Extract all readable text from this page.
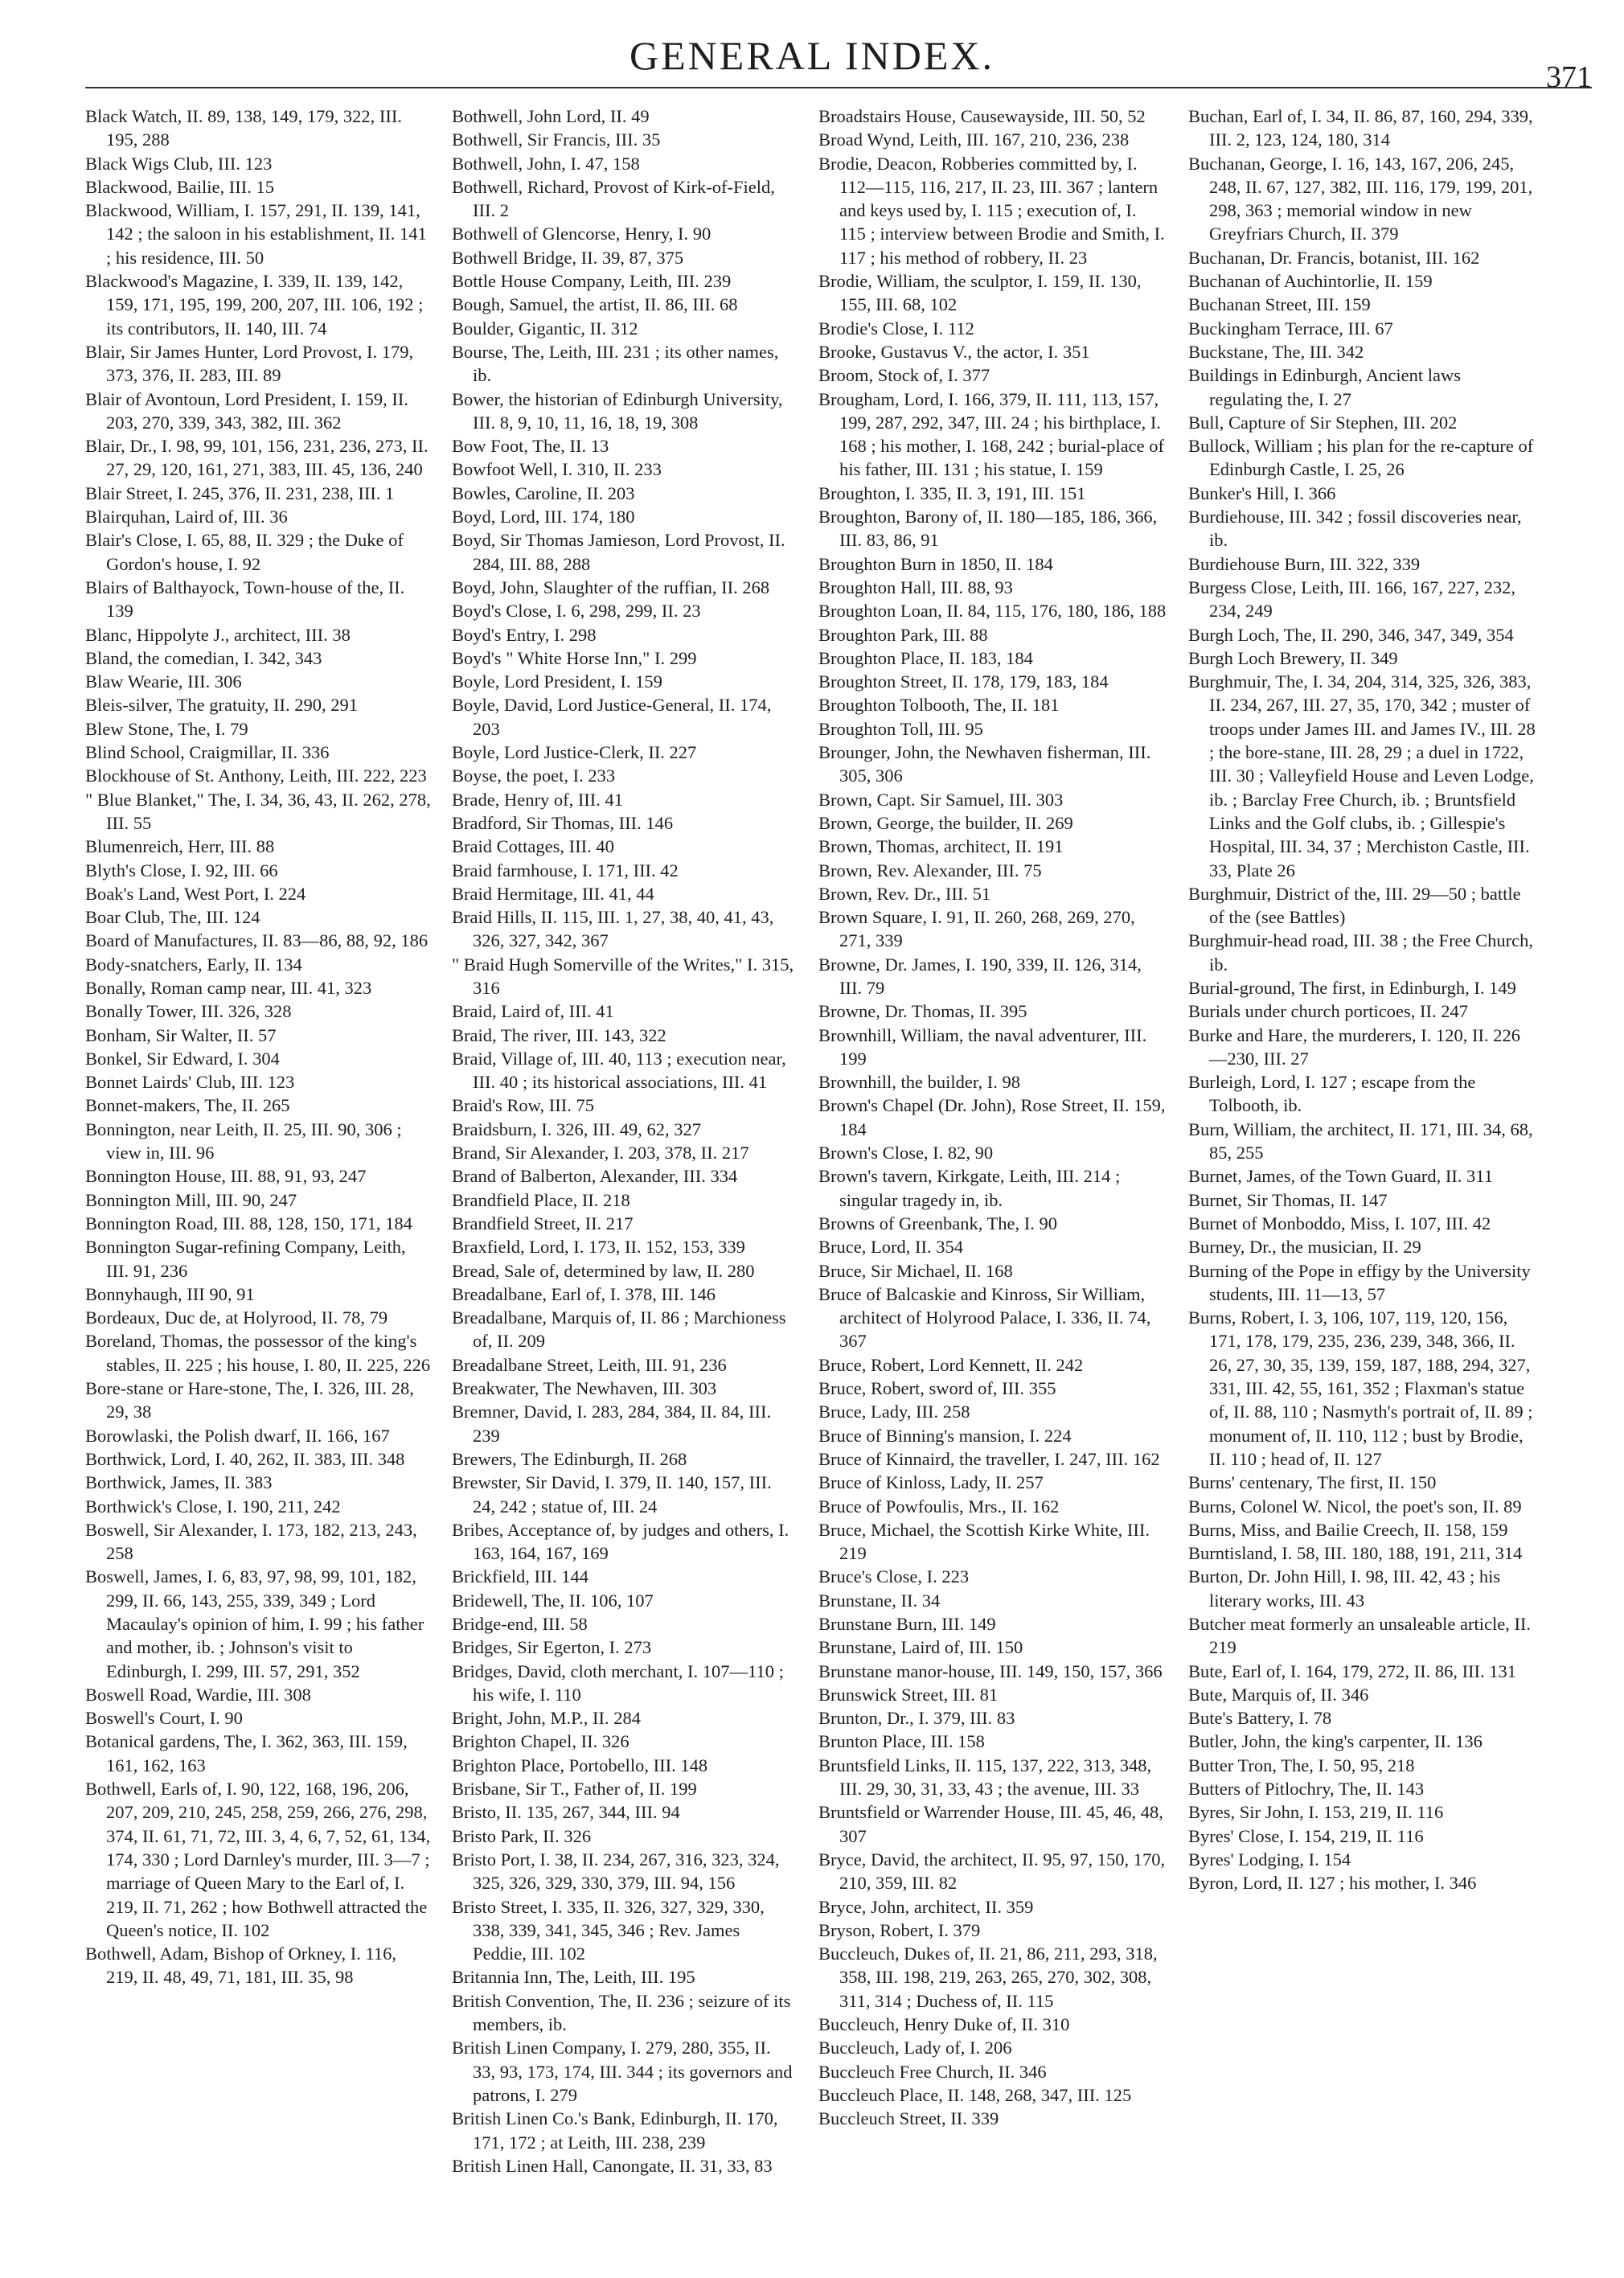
GENERAL INDEX.	371

Black Watch, II. 89, 138, 149, 179, 322, III. 195, 288

Black Wigs Club, III. 123

Blackwood, Bailie, III. 15

Blackwood, William, I. 157, 291, II. 139, 141, 142 ; the saloon in his establishment, II. 141 ; his residence, III. 50

Blackwood's Magazine, I. 339, II. 139, 142, 159, 171, 195, 199, 200, 207, III. 106, 192 ; its contributors, II. 140, III. 74

Blair, Sir James Hunter, Lord Provost, I. 179, 373, 376, II. 283, III. 89

Blair of Avontoun, Lord President, I. 159, II. 203, 270, 339, 343, 382, III. 362

Blair, Dr., I. 98, 99, 101, 156, 231, 236, 273, II. 27, 29, 120, 161, 271, 383, III. 45, 136, 240

Blair Street, I. 245, 376, II. 231, 238, III. 1

Blairquhan, Laird of, III. 36

Blair's Close, I. 65, 88, II. 329 ; the Duke of Gordon's house, I. 92

Blairs of Balthayock, Town-house of the, II. 139

Blanc, Hippolyte J., architect, III. 38

Bland, the comedian, I. 342, 343

Blaw Wearie, III. 306

Bleis-silver, The gratuity, II. 290, 291

Blew Stone, The, I. 79

Blind School, Craigmillar, II. 336

Blockhouse of St. Anthony, Leith, III. 222, 223

" Blue Blanket," The, I. 34, 36, 43, II. 262, 278, III. 55

Blumenreich, Herr, III. 88

Blyth's Close, I. 92, III. 66

Boak's Land, West Port, I. 224

Boar Club, The, III. 124

Board of Manufactures, II. 83—86, 88, 92, 186

Body-snatchers, Early, II. 134

Bonally, Roman camp near, III. 41, 323

Bonally Tower, III. 326, 328

Bonham, Sir Walter, II. 57

Bonkel, Sir Edward, I. 304

Bonnet Lairds' Club, III. 123

Bonnet-makers, The, II. 265

Bonnington, near Leith, II. 25, III. 90, 306 ; view in, III. 96

Bonnington House, III. 88, 91, 93, 247

Bonnington Mill, III. 90, 247

Bonnington Road, III. 88, 128, 150, 171, 184

Bonnington Sugar-refining Company, Leith, III. 91, 236

Bonnyhaugh, III 90, 91

Bordeaux, Duc de, at Holyrood, II. 78, 79

Boreland, Thomas, the possessor of the king's stables, II. 225 ; his house, I. 80, II. 225, 226

Bore-stane or Hare-stone, The, I. 326, III. 28, 29, 38

Borowlaski, the Polish dwarf, II. 166, 167

Borthwick, Lord, I. 40, 262, II. 383, III. 348

Borthwick, James, II. 383

Borthwick's Close, I. 190, 211, 242

Boswell, Sir Alexander, I. 173, 182, 213, 243, 258

Boswell, James, I. 6, 83, 97, 98, 99, 101, 182, 299, II. 66, 143, 255, 339, 349 ; Lord Macaulay's opinion of him, I. 99 ; his father and mother, ib. ; Johnson's visit to Edinburgh, I. 299, III. 57, 291, 352

Boswell Road, Wardie, III. 308

Boswell's Court, I. 90

Botanical gardens, The, I. 362, 363, III. 159, 161, 162, 163

Bothwell, Earls of, I. 90, 122, 168, 196, 206, 207, 209, 210, 245, 258, 259, 266, 276, 298, 374, II. 61, 71, 72, III. 3, 4, 6, 7, 52, 61, 134, 174, 330 ; Lord Darnley's murder, III. 3—7 ; marriage of Queen Mary to the Earl of, I. 219, II. 71, 262 ; how Bothwell attracted the Queen's notice, II. 102

Bothwell, Adam, Bishop of Orkney, I. 116, 219, II. 48, 49, 71, 181, III. 35, 98

Bothwell, John Lord, II. 49

Bothwell, Sir Francis, III. 35

Bothwell, John, I. 47, 158

Bothwell, Richard, Provost of Kirk-of-Field, III. 2

Bothwell of Glencorse, Henry, I. 90

Bothwell Bridge, II. 39, 87, 375

Bottle House Company, Leith, III. 239

Bough, Samuel, the artist, II. 86, III. 68

Boulder, Gigantic, II. 312

Bourse, The, Leith, III. 231 ; its other names, ib.

Bower, the historian of Edinburgh University, III. 8, 9, 10, 11, 16, 18, 19, 308

Bow Foot, The, II. 13

Bowfoot Well, I. 310, II. 233

Bowles, Caroline, II. 203

Boyd, Lord, III. 174, 180

Boyd, Sir Thomas Jamieson, Lord Provost, II. 284, III. 88, 288

Boyd, John, Slaughter of the ruffian, II. 268

Boyd's Close, I. 6, 298, 299, II. 23

Boyd's Entry, I. 298

Boyd's " White Horse Inn," I. 299

Boyle, Lord President, I. 159

Boyle, David, Lord Justice-General, II. 174, 203

Boyle, Lord Justice-Clerk, II. 227

Boyse, the poet, I. 233

Brade, Henry of, III. 41

Bradford, Sir Thomas, III. 146

Braid Cottages, III. 40

Braid farmhouse, I. 171, III. 42

Braid Hermitage, III. 41, 44

Braid Hills, II. 115, III. 1, 27, 38, 40, 41, 43, 326, 327, 342, 367

" Braid Hugh Somerville of the Writes," I. 315, 316

Braid, Laird of, III. 41

Braid, The river, III. 143, 322

Braid, Village of, III. 40, 113 ; execution near, III. 40 ; its historical associations, III. 41

Braid's Row, III. 75

Braidsburn, I. 326, III. 49, 62, 327

Brand, Sir Alexander, I. 203, 378, II. 217

Brand of Balberton, Alexander, III. 334

Brandfield Place, II. 218

Brandfield Street, II. 217

Braxfield, Lord, I. 173, II. 152, 153, 339

Bread, Sale of, determined by law, II. 280

Breadalbane, Earl of, I. 378, III. 146

Breadalbane, Marquis of, II. 86 ; Marchioness of, II. 209

Breadalbane Street, Leith, III. 91, 236

Breakwater, The Newhaven, III. 303

Bremner, David, I. 283, 284, 384, II. 84, III. 239

Brewers, The Edinburgh, II. 268

Brewster, Sir David, I. 379, II. 140, 157, III. 24, 242 ; statue of, III. 24

Bribes, Acceptance of, by judges and others, I. 163, 164, 167, 169

Brickfield, III. 144

Bridewell, The, II. 106, 107

Bridge-end, III. 58

Bridges, Sir Egerton, I. 273

Bridges, David, cloth merchant, I. 107—110 ; his wife, I. 110

Bright, John, M.P., II. 284

Brighton Chapel, II. 326

Brighton Place, Portobello, III. 148

Brisbane, Sir T., Father of, II. 199

Bristo, II. 135, 267, 344, III. 94

Bristo Park, II. 326

Bristo Port, I. 38, II. 234, 267, 316, 323, 324, 325, 326, 329, 330, 379, III. 94, 156

Bristo Street, I. 335, II. 326, 327, 329, 330, 338, 339, 341, 345, 346 ; Rev. James Peddie, III. 102

Britannia Inn, The, Leith, III. 195

British Convention, The, II. 236 ; seizure of its members, ib.

British Linen Company, I. 279, 280, 355, II. 33, 93, 173, 174, III. 344 ; its governors and patrons, I. 279

British Linen Co.'s Bank, Edinburgh, II. 170, 171, 172 ; at Leith, III. 238, 239

British Linen Hall, Canongate, II. 31, 33, 83

Broadstairs House, Causewayside, III. 50, 52

Broad Wynd, Leith, III. 167, 210, 236, 238

Brodie, Deacon, Robberies committed by, I. 112—115, 116, 217, II. 23, III. 367 ; lantern and keys used by, I. 115 ; execution of, I. 115 ; interview between Brodie and Smith, I. 117 ; his method of robbery, II. 23

Brodie, William, the sculptor, I. 159, II. 130, 155, III. 68, 102

Brodie's Close, I. 112

Brooke, Gustavus V., the actor, I. 351

Broom, Stock of, I. 377

Brougham, Lord, I. 166, 379, II. 111, 113, 157, 199, 287, 292, 347, III. 24 ; his birthplace, I. 168 ; his mother, I. 168, 242 ; burial-place of his father, III. 131 ; his statue, I. 159

Broughton, I. 335, II. 3, 191, III. 151

Broughton, Barony of, II. 180—185, 186, 366, III. 83, 86, 91

Broughton Burn in 1850, II. 184

Broughton Hall, III. 88, 93

Broughton Loan, II. 84, 115, 176, 180, 186, 188

Broughton Park, III. 88

Broughton Place, II. 183, 184

Broughton Street, II. 178, 179, 183, 184

Broughton Tolbooth, The, II. 181

Broughton Toll, III. 95

Brounger, John, the Newhaven fisherman, III. 305, 306

Brown, Capt. Sir Samuel, III. 303

Brown, George, the builder, II. 269

Brown, Thomas, architect, II. 191

Brown, Rev. Alexander, III. 75

Brown, Rev. Dr., III. 51

Brown Square, I. 91, II. 260, 268, 269, 270, 271, 339

Browne, Dr. James, I. 190, 339, II. 126, 314, III. 79

Browne, Dr. Thomas, II. 395

Brownhill, William, the naval adventurer, III. 199

Brownhill, the builder, I. 98

Brown's Chapel (Dr. John), Rose Street, II. 159, 184

Brown's Close, I. 82, 90

Brown's tavern, Kirkgate, Leith, III. 214 ; singular tragedy in, ib.

Browns of Greenbank, The, I. 90

Bruce, Lord, II. 354

Bruce, Sir Michael, II. 168

Bruce of Balcaskie and Kinross, Sir William, architect of Holyrood Palace, I. 336, II. 74, 367

Bruce, Robert, Lord Kennett, II. 242

Bruce, Robert, sword of, III. 355

Bruce, Lady, III. 258

Bruce of Binning's mansion, I. 224

Bruce of Kinnaird, the traveller, I. 247, III. 162

Bruce of Kinloss, Lady, II. 257

Bruce of Powfoulis, Mrs., II. 162

Bruce, Michael, the Scottish Kirke White, III. 219

Bruce's Close, I. 223

Brunstane, II. 34

Brunstane Burn, III. 149

Brunstane, Laird of, III. 150

Brunstane manor-house, III. 149, 150, 157, 366

Brunswick Street, III. 81

Brunton, Dr., I. 379, III. 83

Brunton Place, III. 158

Bruntsfield Links, II. 115, 137, 222, 313, 348, III. 29, 30, 31, 33, 43 ; the avenue, III. 33

Bruntsfield or Warrender House, III. 45, 46, 48, 307

Bryce, David, the architect, II. 95, 97, 150, 170, 210, 359, III. 82

Bryce, John, architect, II. 359

Bryson, Robert, I. 379

Buccleuch, Dukes of, II. 21, 86, 211, 293, 318, 358, III. 198, 219, 263, 265, 270, 302, 308, 311, 314 ; Duchess of, II. 115

Buccleuch, Henry Duke of, II. 310

Buccleuch, Lady of, I. 206

Buccleuch Free Church, II. 346

Buccleuch Place, II. 148, 268, 347, III. 125

Buccleuch Street, II. 339

Buchan, Earl of, I. 34, II. 86, 87, 160, 294, 339, III. 2, 123, 124, 180, 314

Buchanan, George, I. 16, 143, 167, 206, 245, 248, II. 67, 127, 382, III. 116, 179, 199, 201, 298, 363 ; memorial window in new Greyfriars Church, II. 379

Buchanan, Dr. Francis, botanist, III. 162

Buchanan of Auchintorlie, II. 159

Buchanan Street, III. 159

Buckingham Terrace, III. 67

Buckstane, The, III. 342

Buildings in Edinburgh, Ancient laws regulating the, I. 27

Bull, Capture of Sir Stephen, III. 202

Bullock, William ; his plan for the re-capture of Edinburgh Castle, I. 25, 26

Bunker's Hill, I. 366

Burdiehouse, III. 342 ; fossil discoveries near, ib.

Burdiehouse Burn, III. 322, 339

Burgess Close, Leith, III. 166, 167, 227, 232, 234, 249

Burgh Loch, The, II. 290, 346, 347, 349, 354

Burgh Loch Brewery, II. 349

Burghmuir, The, I. 34, 204, 314, 325, 326, 383, II. 234, 267, III. 27, 35, 170, 342 ; muster of troops under James III. and James IV., III. 28 ; the bore-stane, III. 28, 29 ; a duel in 1722, III. 30 ; Valleyfield House and Leven Lodge, ib. ; Barclay Free Church, ib. ; Bruntsfield Links and the Golf clubs, ib. ; Gillespie's Hospital, III. 34, 37 ; Merchiston Castle, III. 33, Plate 26

Burghmuir, District of the, III. 29—50 ; battle of the (see Battles)

Burghmuir-head road, III. 38 ; the Free Church, ib.

Burial-ground, The first, in Edinburgh, I. 149

Burials under church porticoes, II. 247

Burke and Hare, the murderers, I. 120, II. 226—230, III. 27

Burleigh, Lord, I. 127 ; escape from the Tolbooth, ib.

Burn, William, the architect, II. 171, III. 34, 68, 85, 255

Burnet, James, of the Town Guard, II. 311

Burnet, Sir Thomas, II. 147

Burnet of Monboddo, Miss, I. 107, III. 42

Burney, Dr., the musician, II. 29

Burning of the Pope in effigy by the University students, III. 11—13, 57

Burns, Robert, I. 3, 106, 107, 119, 120, 156, 171, 178, 179, 235, 236, 239, 348, 366, II. 26, 27, 30, 35, 139, 159, 187, 188, 294, 327, 331, III. 42, 55, 161, 352 ; Flaxman's statue of, II. 88, 110 ; Nasmyth's portrait of, II. 89 ; monument of, II. 110, 112 ; bust by Brodie, II. 110 ; head of, II. 127

Burns' centenary, The first, II. 150

Burns, Colonel W. Nicol, the poet's son, II. 89

Burns, Miss, and Bailie Creech, II. 158, 159

Burntisland, I. 58, III. 180, 188, 191, 211, 314

Burton, Dr. John Hill, I. 98, III. 42, 43 ; his literary works, III. 43

Butcher meat formerly an unsaleable article, II. 219

Bute, Earl of, I. 164, 179, 272, II. 86, III. 131

Bute, Marquis of, II. 346

Bute's Battery, I. 78

Butler, John, the king's carpenter, II. 136

Butter Tron, The, I. 50, 95, 218

Butters of Pitlochry, The, II. 143

Byres, Sir John, I. 153, 219, II. 116

Byres' Close, I. 154, 219, II. 116

Byres' Lodging, I. 154

Byron, Lord, II. 127 ; his mother, I. 346
